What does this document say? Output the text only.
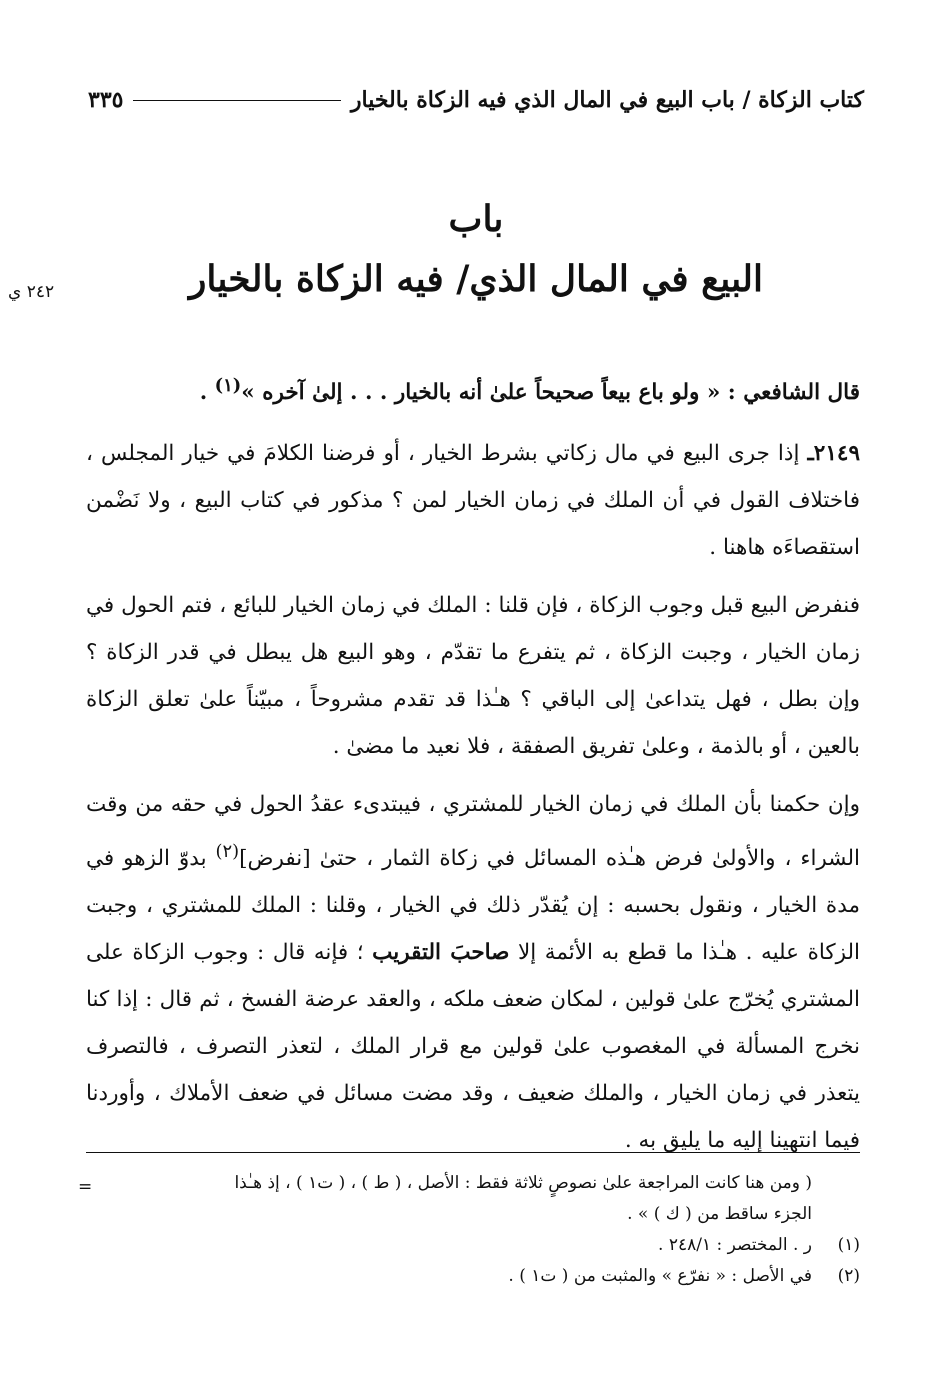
كتاب الزكاة / باب البيع في المال الذي فيه الزكاة بالخيار
٣٣٥
باب
البيع في المال الذي/ فيه الزكاة بالخيار
٢٤٢ ي

قال الشافعي : « ولو باع بيعاً صحيحاً علىٰ أنه بالخيار . . . إلىٰ آخره »$^{(١)}$ .

٢١٤٩ـ إذا جرى البيع في مال زكاتي بشرط الخيار ، أو فرضنا الكلامَ في خيار المجلس ، فاختلاف القول في أن الملك في زمان الخيار لمن ؟ مذكور في كتاب البيع ، ولا نَضْمن استقصاءَه هاهنا .

فنفرض البيع قبل وجوب الزكاة ، فإن قلنا : الملك في زمان الخيار للبائع ، فتم الحول في زمان الخيار ، وجبت الزكاة ، ثم يتفرع ما تقدّم ، وهو البيع هل يبطل في قدر الزكاة ؟ وإن بطل ، فهل يتداعىٰ إلى الباقي ؟ هـٰذا قد تقدم مشروحاً ، مبيّناً علىٰ تعلق الزكاة بالعين ، أو بالذمة ، وعلىٰ تفريق الصفقة ، فلا نعيد ما مضىٰ .

وإن حكمنا بأن الملك في زمان الخيار للمشتري ، فيبتدىء عقدُ الحول في حقه من وقت الشراء ، والأولىٰ فرض هـٰذه المسائل في زكاة الثمار ، حتىٰ [نفرض]$^{(٢)}$ بدوّ الزهو في مدة الخيار ، ونقول بحسبه : إن يُقدّر ذلك في الخيار ، وقلنا : الملك للمشتري ، وجبت الزكاة عليه . هـٰذا ما قطع به الأئمة إلا صاحبَ التقريب ؛ فإنه قال : وجوب الزكاة على المشتري يُخرّج علىٰ قولين ، لمكان ضعف ملكه ، والعقد عرضة الفسخ ، ثم قال : إذا كنا نخرج المسألة في المغصوب علىٰ قولين مع قرار الملك ، لتعذر التصرف ، فالتصرف يتعذر في زمان الخيار ، والملك ضعيف ، وقد مضت مسائل في ضعف الأملاك ، وأوردنا فيما انتهينا إليه ما يليق به .

=	( ومن هنا كانت المراجعة علىٰ نصوصٍ ثلاثة فقط : الأصل ، ( ط ) ، ( ت١ ) ، إذ هـٰذا
الجزء ساقط من ( ك ) » .
(١)
ر . المختصر : ٢٤٨/١ .
(٢)
في الأصل : « نفرّع » والمثبت من ( ت١ ) .
